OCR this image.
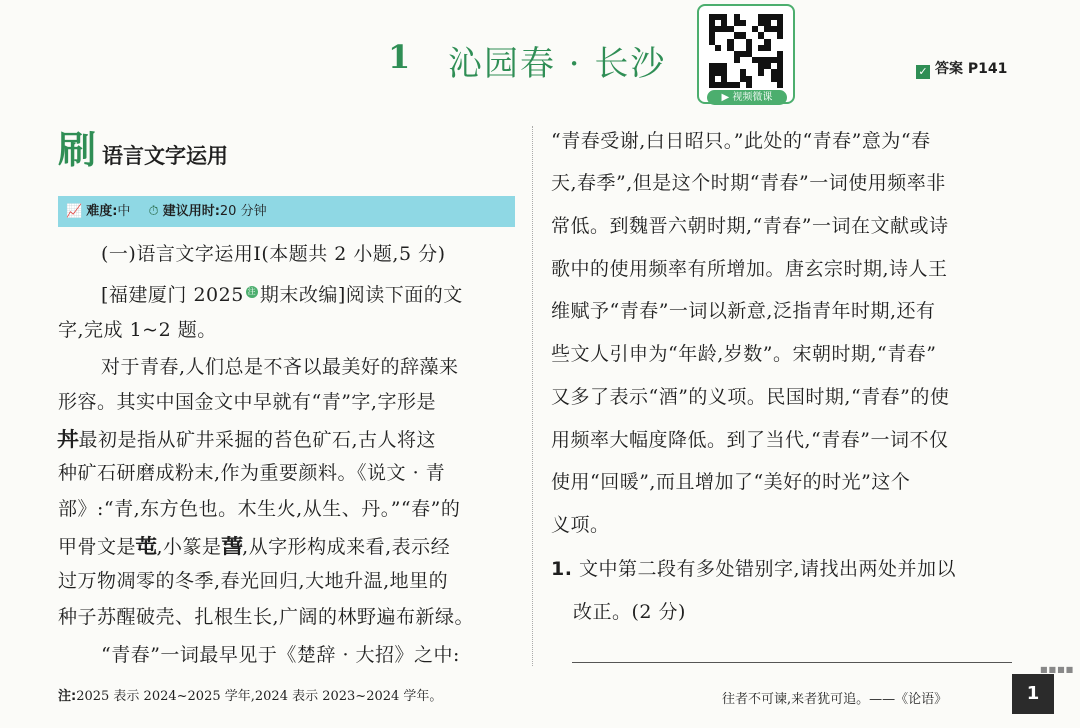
1 沁园春 · 长沙
▶ 视频微课
✓ 答案 P141
刷 语言文字运用
📈 难度:中 ⏱ 建议用时:20 分钟
(一)语言文字运用Ⅰ(本题共 2 小题,5 分)
[福建厦门 2025 注 期末改编]阅读下面的文
字,完成 1~2 题。
对于青春,人们总是不吝以最美好的辞藻来
形容。其实中国金文中早就有“青”字,字形是
丼最初是指从矿井采掘的苔色矿石,古人将这
种矿石研磨成粉末,作为重要颜料。《说文 · 青
部》:“青,东方色也。木生火,从生、丹。”“春”的
甲骨文是芚,小篆是萅,从字形构成来看,表示经
过万物凋零的冬季,春光回归,大地升温,地里的
种子苏醒破壳、扎根生长,广阔的林野遍布新绿。
“青春”一词最早见于《楚辞 · 大招》之中:
“青春受谢,白日昭只。”此处的“青春”意为“春
天,春季”,但是这个时期“青春”一词使用频率非
常低。到魏晋六朝时期,“青春”一词在文献或诗
歌中的使用频率有所增加。唐玄宗时期,诗人王
维赋予“青春”一词以新意,泛指青年时期,还有
些文人引申为“年龄,岁数”。宋朝时期,“青春”
又多了表示“酒”的义项。民国时期,“青春”的使
用频率大幅度降低。到了当代,“青春”一词不仅
使用“回暖”,而且增加了“美好的时光”这个
义项。
1. 文中第二段有多处错别字,请找出两处并加以
改正。(2 分)
注:2025 表示 2024~2025 学年,2024 表示 2023~2024 学年。	往者不可谏,来者犹可追。——《论语》
■■■■
1
